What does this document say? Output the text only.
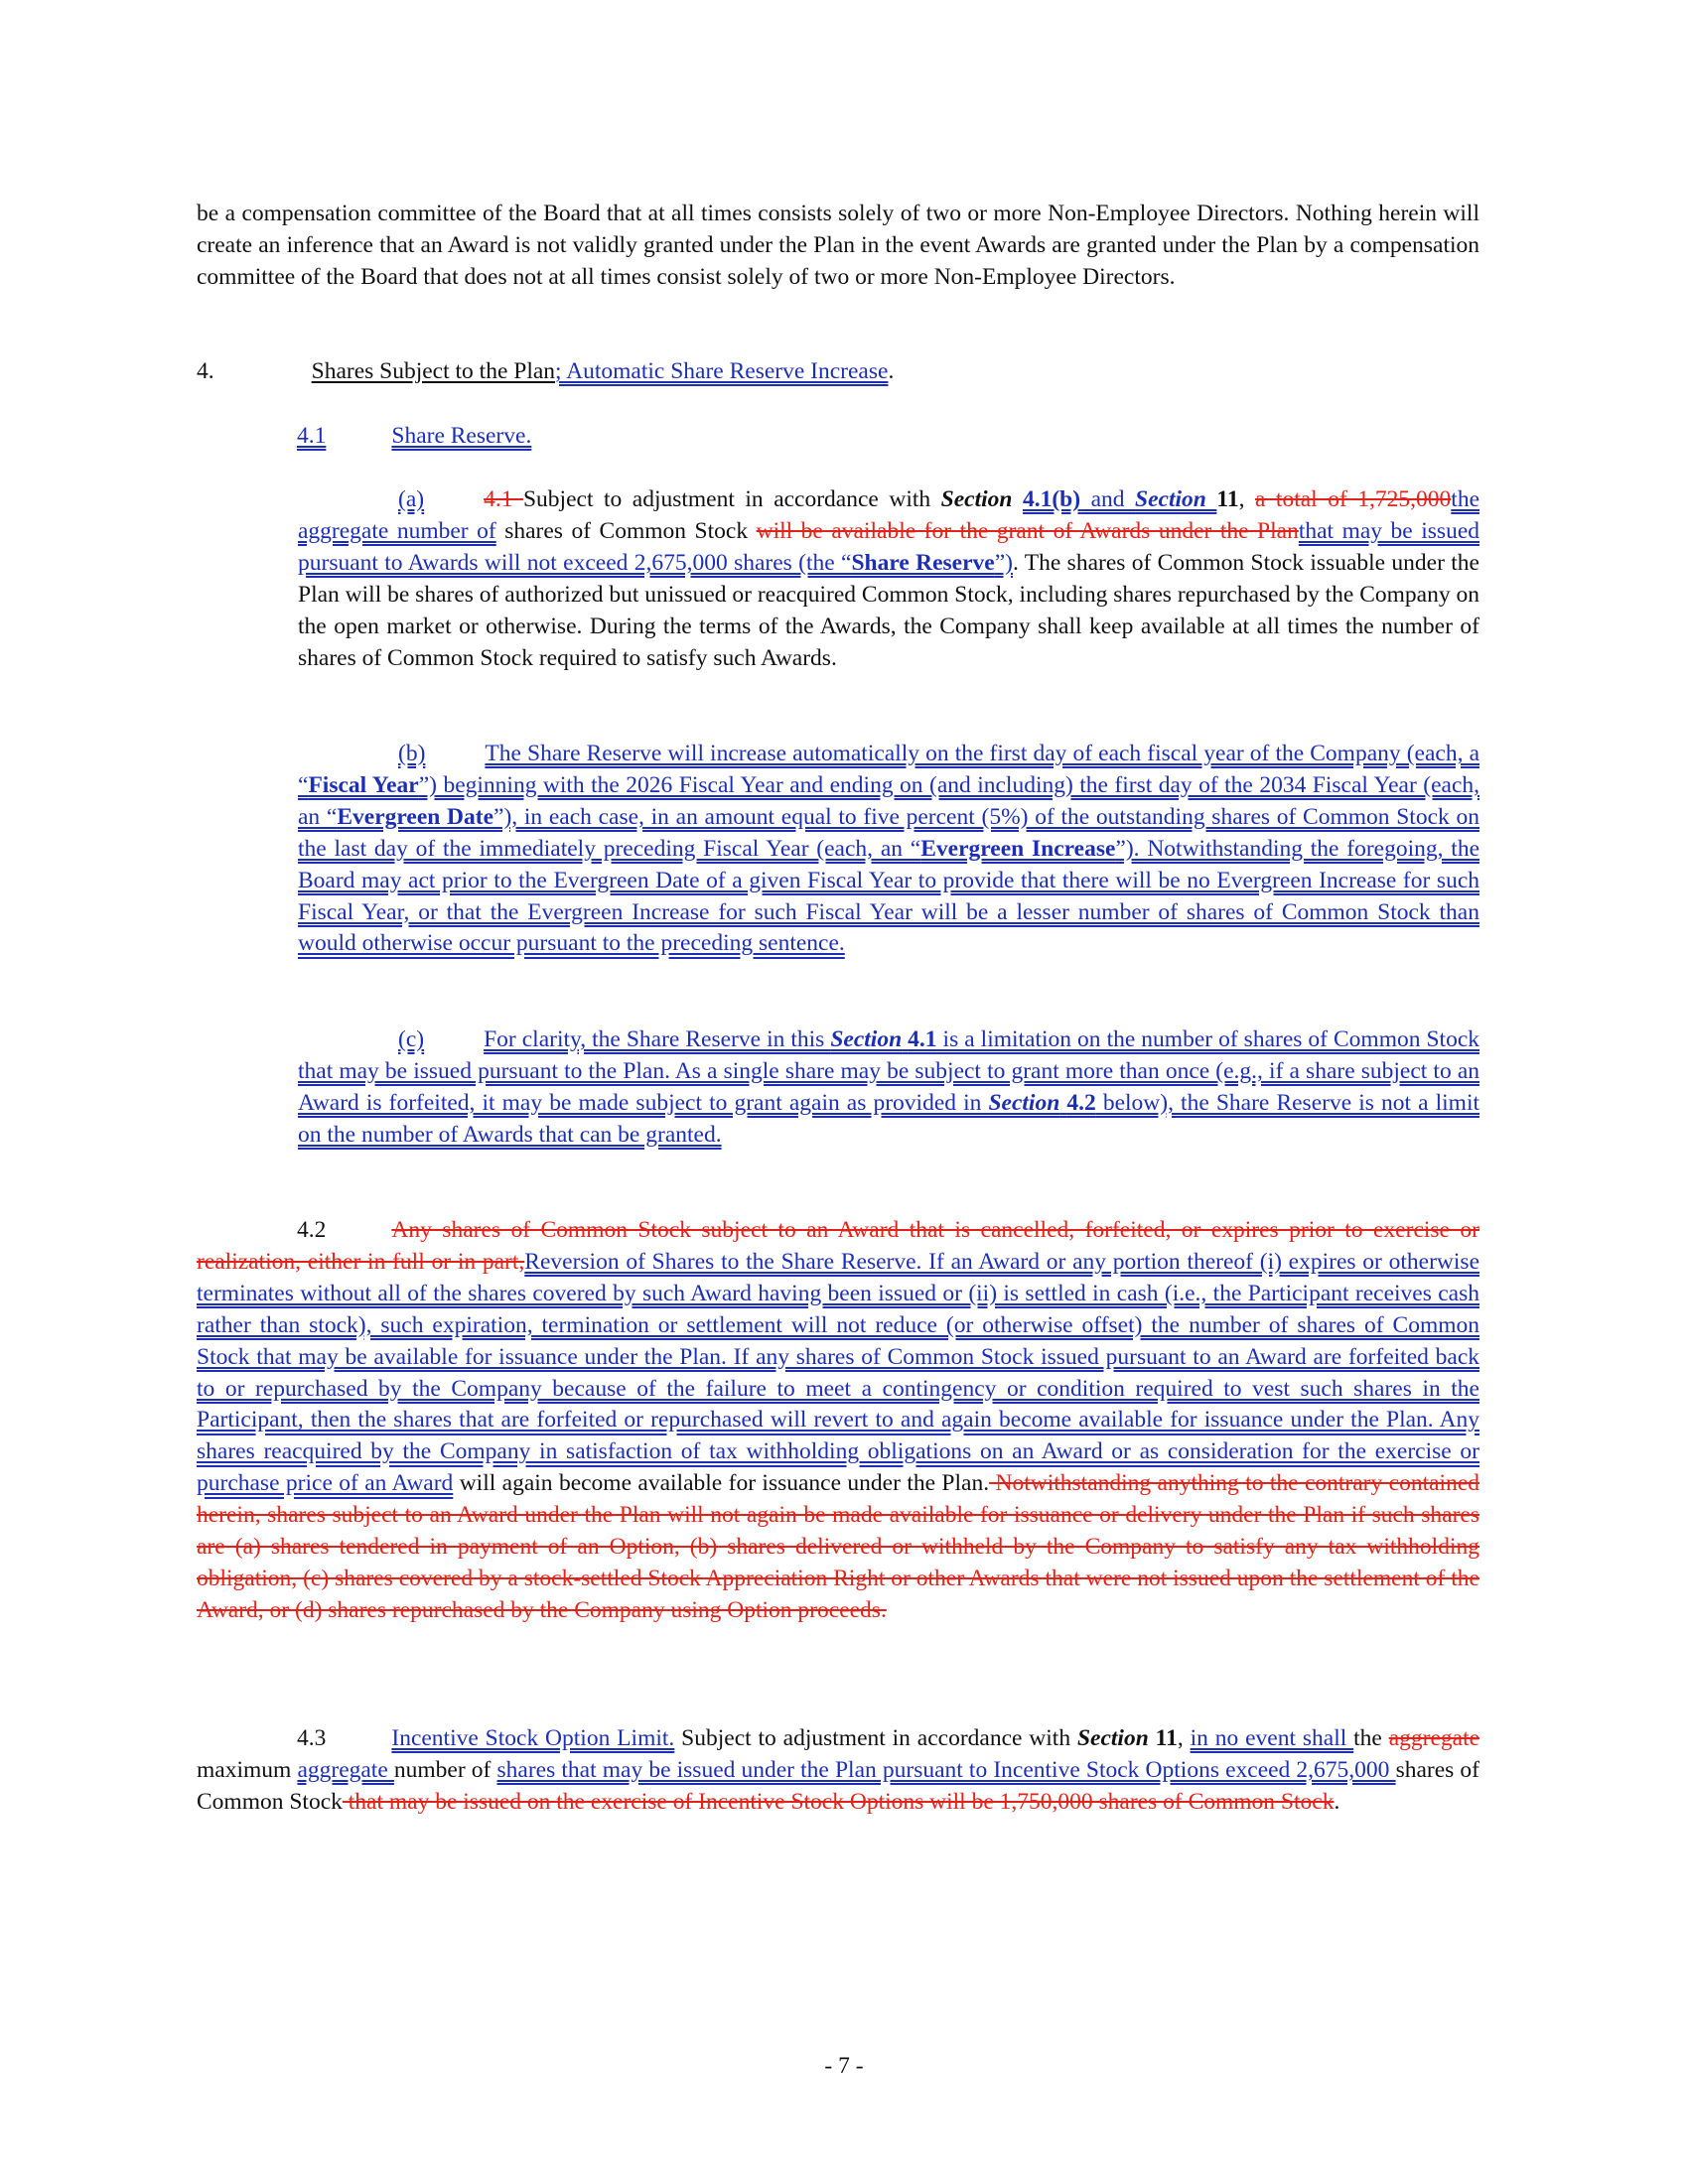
be a compensation committee of the Board that at all times consists solely of two or more Non-Employee Directors. Nothing herein will create an inference that an Award is not validly granted under the Plan in the event Awards are granted under the Plan by a compensation committee of the Board that does not at all times consist solely of two or more Non-Employee Directors.
4.	Shares Subject to the Plan; Automatic Share Reserve Increase.
4.1	Share Reserve.
(a)	4.1 Subject to adjustment in accordance with Section 4.1(b) and Section 11, a total of 1,725,000the aggregate number of shares of Common Stock will be available for the grant of Awards under the Planthat may be issued pursuant to Awards will not exceed 2,675,000 shares (the “Share Reserve”). The shares of Common Stock issuable under the Plan will be shares of authorized but unissued or reacquired Common Stock, including shares repurchased by the Company on the open market or otherwise. During the terms of the Awards, the Company shall keep available at all times the number of shares of Common Stock required to satisfy such Awards.
(b)	The Share Reserve will increase automatically on the first day of each fiscal year of the Company (each, a “Fiscal Year”) beginning with the 2026 Fiscal Year and ending on (and including) the first day of the 2034 Fiscal Year (each, an “Evergreen Date”), in each case, in an amount equal to five percent (5%) of the outstanding shares of Common Stock on the last day of the immediately preceding Fiscal Year (each, an “Evergreen Increase”). Notwithstanding the foregoing, the Board may act prior to the Evergreen Date of a given Fiscal Year to provide that there will be no Evergreen Increase for such Fiscal Year, or that the Evergreen Increase for such Fiscal Year will be a lesser number of shares of Common Stock than would otherwise occur pursuant to the preceding sentence.
(c)	For clarity, the Share Reserve in this Section 4.1 is a limitation on the number of shares of Common Stock that may be issued pursuant to the Plan. As a single share may be subject to grant more than once (e.g., if a share subject to an Award is forfeited, it may be made subject to grant again as provided in Section 4.2 below), the Share Reserve is not a limit on the number of Awards that can be granted.
4.2	Any shares of Common Stock subject to an Award that is cancelled, forfeited, or expires prior to exercise or realization, either in full or in part,Reversion of Shares to the Share Reserve. If an Award or any portion thereof (i) expires or otherwise terminates without all of the shares covered by such Award having been issued or (ii) is settled in cash (i.e., the Participant receives cash rather than stock), such expiration, termination or settlement will not reduce (or otherwise offset) the number of shares of Common Stock that may be available for issuance under the Plan. If any shares of Common Stock issued pursuant to an Award are forfeited back to or repurchased by the Company because of the failure to meet a contingency or condition required to vest such shares in the Participant, then the shares that are forfeited or repurchased will revert to and again become available for issuance under the Plan. Any shares reacquired by the Company in satisfaction of tax withholding obligations on an Award or as consideration for the exercise or purchase price of an Award will again become available for issuance under the Plan. Notwithstanding anything to the contrary contained herein, shares subject to an Award under the Plan will not again be made available for issuance or delivery under the Plan if such shares are (a) shares tendered in payment of an Option, (b) shares delivered or withheld by the Company to satisfy any tax withholding obligation, (c) shares covered by a stock-settled Stock Appreciation Right or other Awards that were not issued upon the settlement of the Award, or (d) shares repurchased by the Company using Option proceeds.
4.3	Incentive Stock Option Limit. Subject to adjustment in accordance with Section 11, in no event shall the aggregate maximum aggregate number of shares that may be issued under the Plan pursuant to Incentive Stock Options exceed 2,675,000 shares of Common Stock that may be issued on the exercise of Incentive Stock Options will be 1,750,000 shares of Common Stock.
- 7 -
